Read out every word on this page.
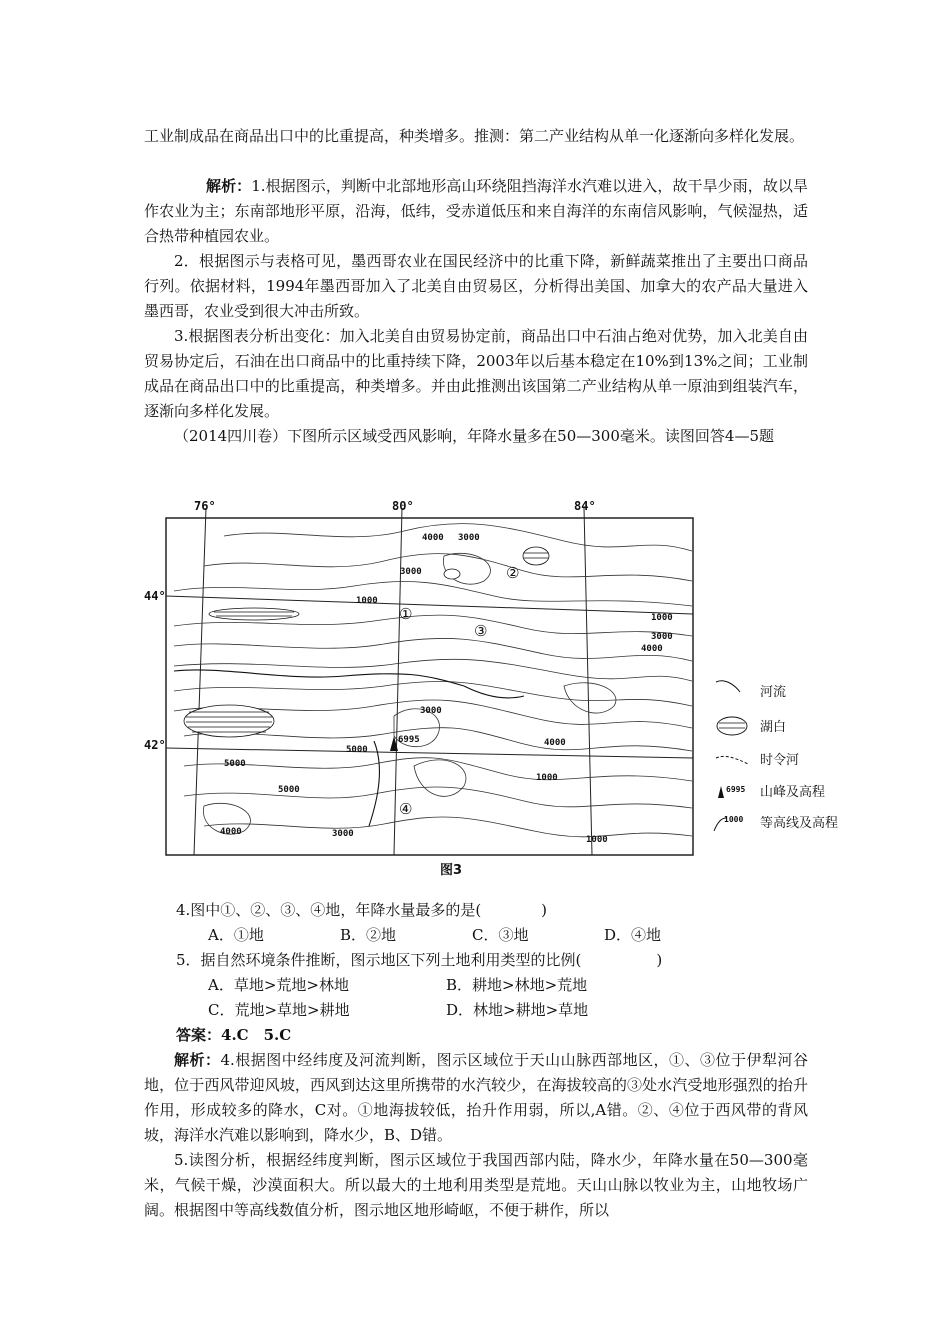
工业制成品在商品出口中的比重提高，种类增多。推测：第二产业结构从单一化逐渐向多样化发展。
解析：1.根据图示，判断中北部地形高山环绕阻挡海洋水汽难以进入，故干旱少雨，故以旱作农业为主；东南部地形平原，沿海，低纬，受赤道低压和来自海洋的东南信风影响，气候湿热，适合热带种植园农业。
2．根据图示与表格可见，墨西哥农业在国民经济中的比重下降，新鲜蔬菜推出了主要出口商品行列。依据材料，1994年墨西哥加入了北美自由贸易区，分析得出美国、加拿大的农产品大量进入墨西哥，农业受到很大冲击所致。
3.根据图表分析出变化：加入北美自由贸易协定前，商品出口中石油占绝对优势，加入北美自由贸易协定后，石油在出口商品中的比重持续下降，2003年以后基本稳定在10%到13%之间；工业制成品在商品出口中的比重提高，种类增多。并由此推测出该国第二产业结构从单一原油到组装汽车，逐渐向多样化发展。
（2014四川卷）下图所示区域受西风影响，年降水量多在50—300毫米。读图回答4—5题
76°	80°	84°
44°
42°
①
②
③
④
4000 3000
3000
1000
1000
3000
4000
3000
6995	4000
5000
5000
1000
5000
4000	3000
1000
图3
河流
湖白
时令河
6995 山峰及高程
1000 等高线及高程
4.图中①、②、③、④地，年降水量最多的是(　　　　)
A．①地	B．②地	C．③地	D．④地
5．据自然环境条件推断，图示地区下列土地利用类型的比例(　　　　　)
A．草地>荒地>林地	B．耕地>林地>荒地
C．荒地>草地>耕地	D．林地>耕地>草地
答案：4.C　5.C
解析：4.根据图中经纬度及河流判断，图示区域位于天山山脉西部地区，①、③位于伊犁河谷地，位于西风带迎风坡，西风到达这里所携带的水汽较少，在海拔较高的③处水汽受地形强烈的抬升作用，形成较多的降水，C对。①地海拔较低，抬升作用弱，所以,A错。②、④位于西风带的背风坡，海洋水汽难以影响到，降水少，B、D错。
5.读图分析，根据经纬度判断，图示区域位于我国西部内陆，降水少，年降水量在50—300毫米，气候干燥，沙漠面积大。所以最大的土地利用类型是荒地。天山山脉以牧业为主，山地牧场广阔。根据图中等高线数值分析，图示地区地形崎岖，不便于耕作，所以
